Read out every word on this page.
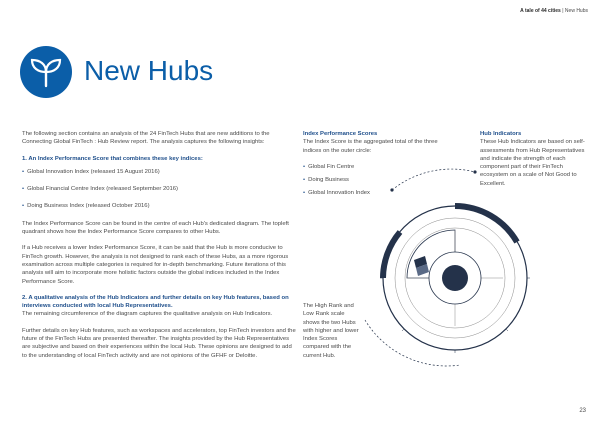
A tale of 44 cities | New Hubs
New Hubs

The following section contains an analysis of the 24 FinTech Hubs that are new additions to the Connecting Global FinTech : Hub Review report. The analysis captures the following insights:

1. An Index Performance Score that combines these key indices:

• Global Innovation Index (released 15 August 2016)

• Global Financial Centre Index (released September 2016)

• Doing Business Index (released October 2016)

The Index Performance Score can be found in the centre of each Hub's dedicated diagram. The topleft quadrant shows how the Index Performance Score compares to other Hubs.

If a Hub receives a lower Index Performance Score, it can be said that the Hub is more conducive to FinTech growth. However, the analysis is not designed to rank each of these Hubs, as a more rigorous examination across multiple categories is required for in-depth benchmarking. Future iterations of this analysis will aim to incorporate more holistic factors outside the global indices included in the Index Performance Score.

2. A qualitative analysis of the Hub Indicators and further details on key Hub features, based on interviews conducted with local Hub Representatives.

The remaining circumference of the diagram captures the qualitative analysis on Hub Indicators.

Further details on key Hub features, such as workspaces and accelerators, top FinTech investors and the future of the FinTech Hubs are presented thereafter. The insights provided by the Hub Representatives are subjective and based on their experiences within the local Hub. These opinions are designed to add to the understanding of local FinTech activity and are not opinions of the GFHF or Deloitte.

Index Performance Scores

The Index Score is the aggregated total of the three indices on the outer circle:

• Global Fin Centre

• Doing Business

• Global Innovation Index

Hub Indicators

These Hub Indicators are based on self-assessments from Hub Representatives and indicate the strength of each component part of their FinTech ecosystem on a scale of Not Good to Excellent.

The High Rank and Low Rank scale shows the two Hubs with higher and lower Index Scores compared with the current Hub.

23
